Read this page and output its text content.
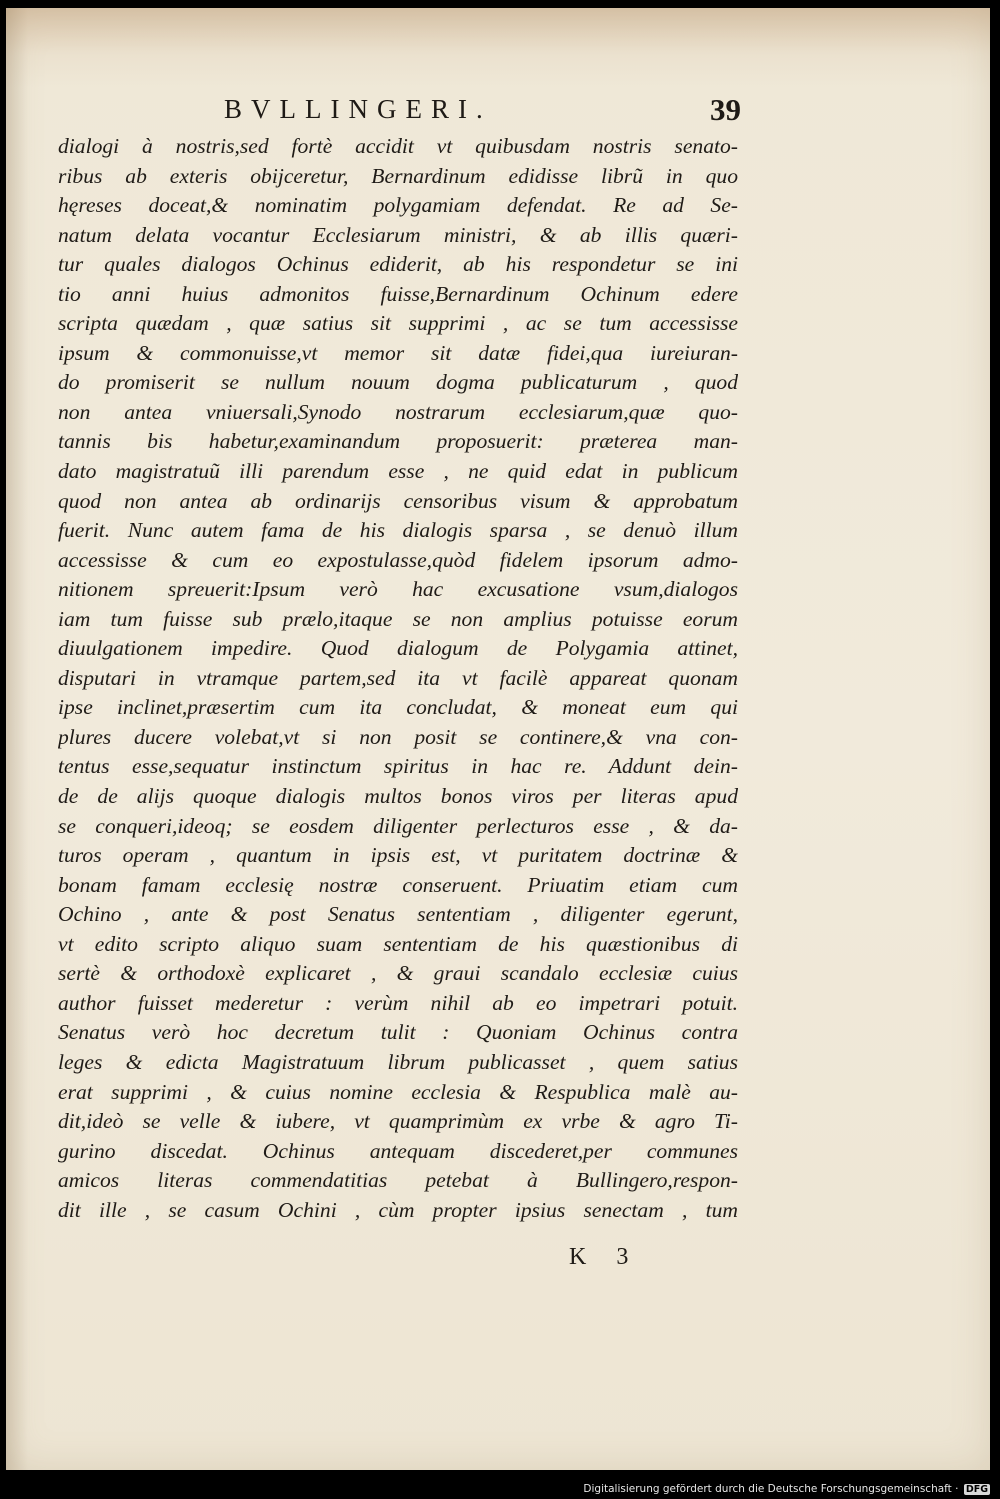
BVLLINGERI.	39
dialogi à nostris,sed fortè accidit vt quibusdam nostris senato-
ribus ab exteris obijceretur, Bernardinum edidisse librũ in quo
hęreses doceat,& nominatim polygamiam defendat. Re ad Se-
natum delata vocantur Ecclesiarum ministri, & ab illis quæri-
tur quales dialogos Ochinus ediderit, ab his respondetur se ini
tio anni huius admonitos fuisse,Bernardinum Ochinum edere
scripta quædam , quæ satius sit supprimi , ac se tum accessisse
ipsum & commonuisse,vt memor sit datæ fidei,qua iureiuran-
do promiserit se nullum nouum dogma publicaturum , quod
non antea vniuersali,Synodo nostrarum ecclesiarum,quæ quo-
tannis bis habetur,examinandum proposuerit: præterea man-
dato magistratuũ illi parendum esse , ne quid edat in publicum
quod non antea ab ordinarijs censoribus visum & approbatum
fuerit. Nunc autem fama de his dialogis sparsa , se denuò illum
accessisse & cum eo expostulasse,quòd fidelem ipsorum admo-
nitionem spreuerit:Ipsum verò hac excusatione vsum,dialogos
iam tum fuisse sub prælo,itaque se non amplius potuisse eorum
diuulgationem impedire. Quod dialogum de Polygamia attinet,
disputari in vtramque partem,sed ita vt facilè appareat quonam
ipse inclinet,præsertim cum ita concludat, & moneat eum qui
plures ducere volebat,vt si non posit se continere,& vna con-
tentus esse,sequatur instinctum spiritus in hac re. Addunt dein-
de de alijs quoque dialogis multos bonos viros per literas apud
se conqueri,ideoq; se eosdem diligenter perlecturos esse , & da-
turos operam , quantum in ipsis est, vt puritatem doctrinæ &
bonam famam ecclesię nostræ conseruent. Priuatim etiam cum
Ochino , ante & post Senatus sententiam , diligenter egerunt,
vt edito scripto aliquo suam sententiam de his quæstionibus di
sertè & orthodoxè explicaret , & graui scandalo ecclesiæ cuius
author fuisset mederetur : verùm nihil ab eo impetrari potuit.
Senatus verò hoc decretum tulit : Quoniam Ochinus contra
leges & edicta Magistratuum librum publicasset , quem satius
erat supprimi , & cuius nomine ecclesia & Respublica malè au-
dit,ideò se velle & iubere, vt quamprimùm ex vrbe & agro Ti-
gurino discedat. Ochinus antequam discederet,per communes
amicos literas commendatitias petebat à Bullingero,respon-
dit ille , se casum Ochini , cùm propter ipsius senectam , tum
K 3
Digitalisierung gefördert durch die Deutsche Forschungsgemeinschaft · DFG
